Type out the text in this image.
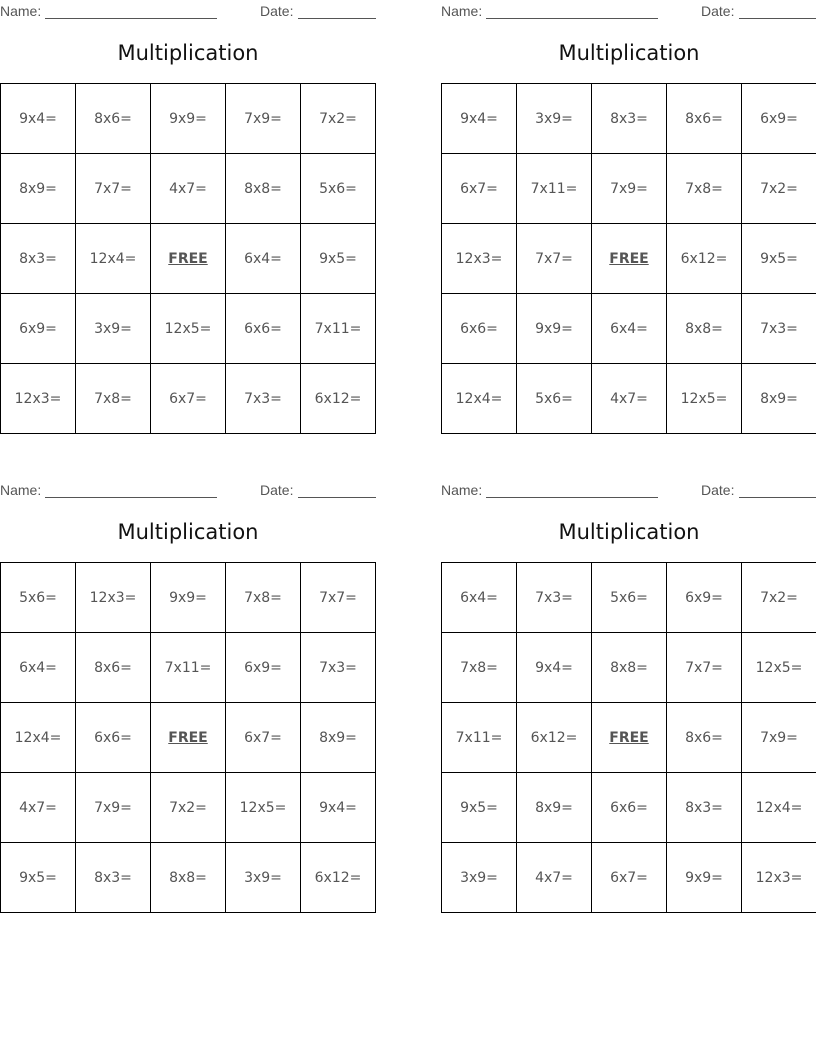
Name:	Date:
Multiplication
9x4=	8x6=	9x9=	7x9=	7x2=
8x9=	7x7=	4x7=	8x8=	5x6=
8x3=	12x4=	FREE	6x4=	9x5=
6x9=	3x9=	12x5=	6x6=	7x11=
12x3=	7x8=	6x7=	7x3=	6x12=
Name:	Date:
Multiplication
9x4=	3x9=	8x3=	8x6=	6x9=
6x7=	7x11=	7x9=	7x8=	7x2=
12x3=	7x7=	FREE	6x12=	9x5=
6x6=	9x9=	6x4=	8x8=	7x3=
12x4=	5x6=	4x7=	12x5=	8x9=
Name:	Date:
Multiplication
5x6=	12x3=	9x9=	7x8=	7x7=
6x4=	8x6=	7x11=	6x9=	7x3=
12x4=	6x6=	FREE	6x7=	8x9=
4x7=	7x9=	7x2=	12x5=	9x4=
9x5=	8x3=	8x8=	3x9=	6x12=
Name:	Date:
Multiplication
6x4=	7x3=	5x6=	6x9=	7x2=
7x8=	9x4=	8x8=	7x7=	12x5=
7x11=	6x12=	FREE	8x6=	7x9=
9x5=	8x9=	6x6=	8x3=	12x4=
3x9=	4x7=	6x7=	9x9=	12x3=
